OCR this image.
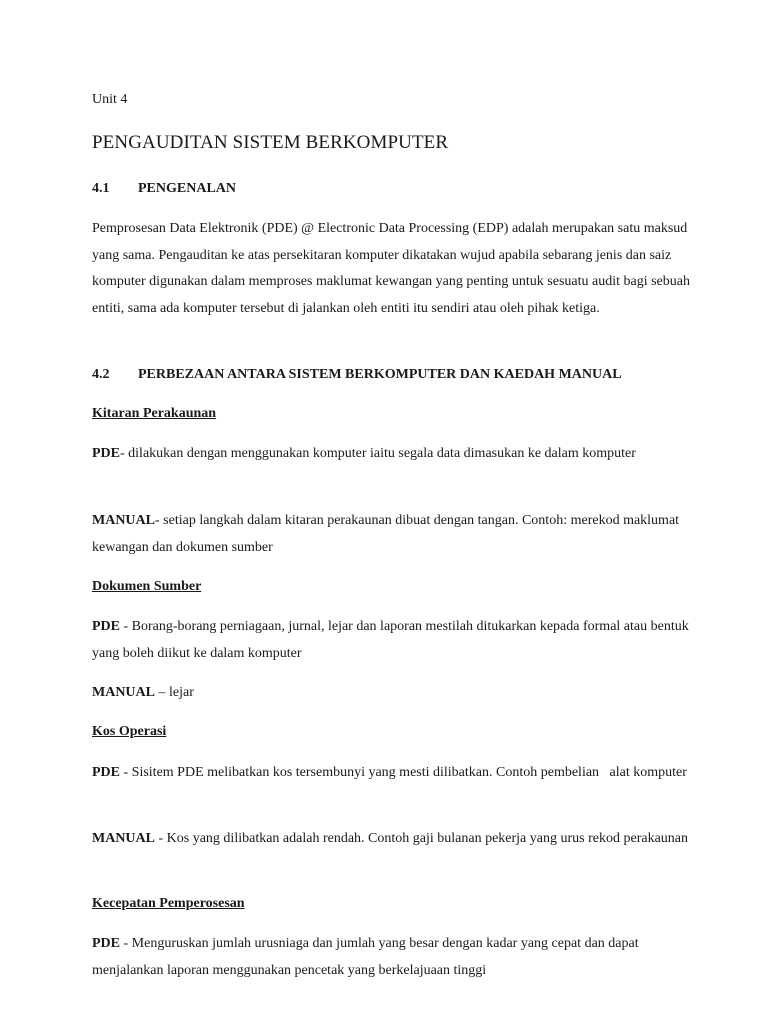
Unit 4

PENGAUDITAN SISTEM BERKOMPUTER
4.1 PENGENALAN

Pemprosesan Data Elektronik (PDE) @ Electronic Data Processing (EDP) adalah merupakan satu maksud yang sama. Pengauditan ke atas persekitaran komputer dikatakan wujud apabila sebarang jenis dan saiz komputer digunakan dalam memproses maklumat kewangan yang penting untuk sesuatu audit bagi sebuah entiti, sama ada komputer tersebut di jalankan oleh entiti itu sendiri atau oleh pihak ketiga.

4.2 PERBEZAAN ANTARA SISTEM BERKOMPUTER DAN KAEDAH MANUAL
Kitaran Perakaunan

PDE- dilakukan dengan menggunakan komputer iaitu segala data dimasukan ke dalam komputer

MANUAL- setiap langkah dalam kitaran perakaunan dibuat dengan tangan. Contoh: merekod maklumat kewangan dan dokumen sumber

Dokumen Sumber

PDE - Borang-borang perniagaan, jurnal, lejar dan laporan mestilah ditukarkan kepada formal atau bentuk yang boleh diikut ke dalam komputer

MANUAL – lejar

Kos Operasi

PDE - Sisitem PDE melibatkan kos tersembunyi yang mesti dilibatkan. Contoh pembelian   alat komputer

MANUAL - Kos yang dilibatkan adalah rendah. Contoh gaji bulanan pekerja yang urus rekod perakaunan

Kecepatan Pemperosesan

PDE - Menguruskan jumlah urusniaga dan jumlah yang besar dengan kadar yang cepat dan dapat menjalankan laporan menggunakan pencetak yang berkelajuaan tinggi
